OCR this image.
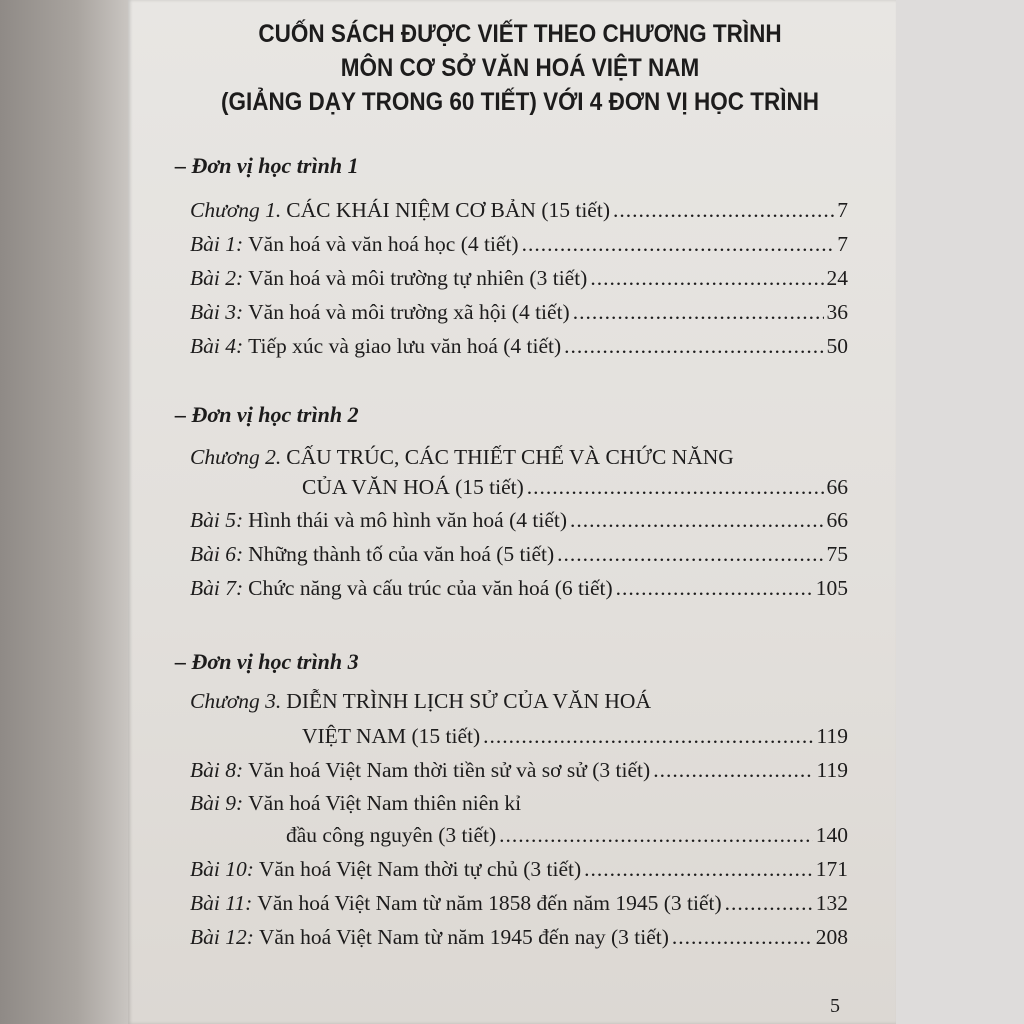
CUỐN SÁCH ĐƯỢC VIẾT THEO CHƯƠNG TRÌNH
MÔN CƠ SỞ VĂN HOÁ VIỆT NAM
(GIẢNG DẠY TRONG 60 TIẾT) VỚI 4 ĐƠN VỊ HỌC TRÌNH
– Đơn vị học trình 1
Chương 1. CÁC KHÁI NIỆM CƠ BẢN (15 tiết) .....	7
Bài 1: Văn hoá và văn hoá học (4 tiết) .....	7
Bài 2: Văn hoá và môi trường tự nhiên (3 tiết) .....	24
Bài 3: Văn hoá và môi trường xã hội (4 tiết) .....	36
Bài 4: Tiếp xúc và giao lưu văn hoá (4 tiết) .....	50
– Đơn vị học trình 2
Chương 2. CẤU TRÚC, CÁC THIẾT CHẾ VÀ CHỨC NĂNG
CỦA VĂN HOÁ (15 tiết) .....	66
Bài 5: Hình thái và mô hình văn hoá (4 tiết) .....	66
Bài 6: Những thành tố của văn hoá (5 tiết) .....	75
Bài 7: Chức năng và cấu trúc của văn hoá (6 tiết) .....	105
– Đơn vị học trình 3
Chương 3. DIỄN TRÌNH LỊCH SỬ CỦA VĂN HOÁ
VIỆT NAM (15 tiết) .....	119
Bài 8: Văn hoá Việt Nam thời tiền sử và sơ sử (3 tiết) .....	119
Bài 9: Văn hoá Việt Nam thiên niên kỉ
đầu công nguyên (3 tiết) .....	140
Bài 10: Văn hoá Việt Nam thời tự chủ (3 tiết) .....	171
Bài 11: Văn hoá Việt Nam từ năm 1858 đến năm 1945 (3 tiết) .....	132
Bài 12: Văn hoá Việt Nam từ năm 1945 đến nay (3 tiết) .....	208
5
